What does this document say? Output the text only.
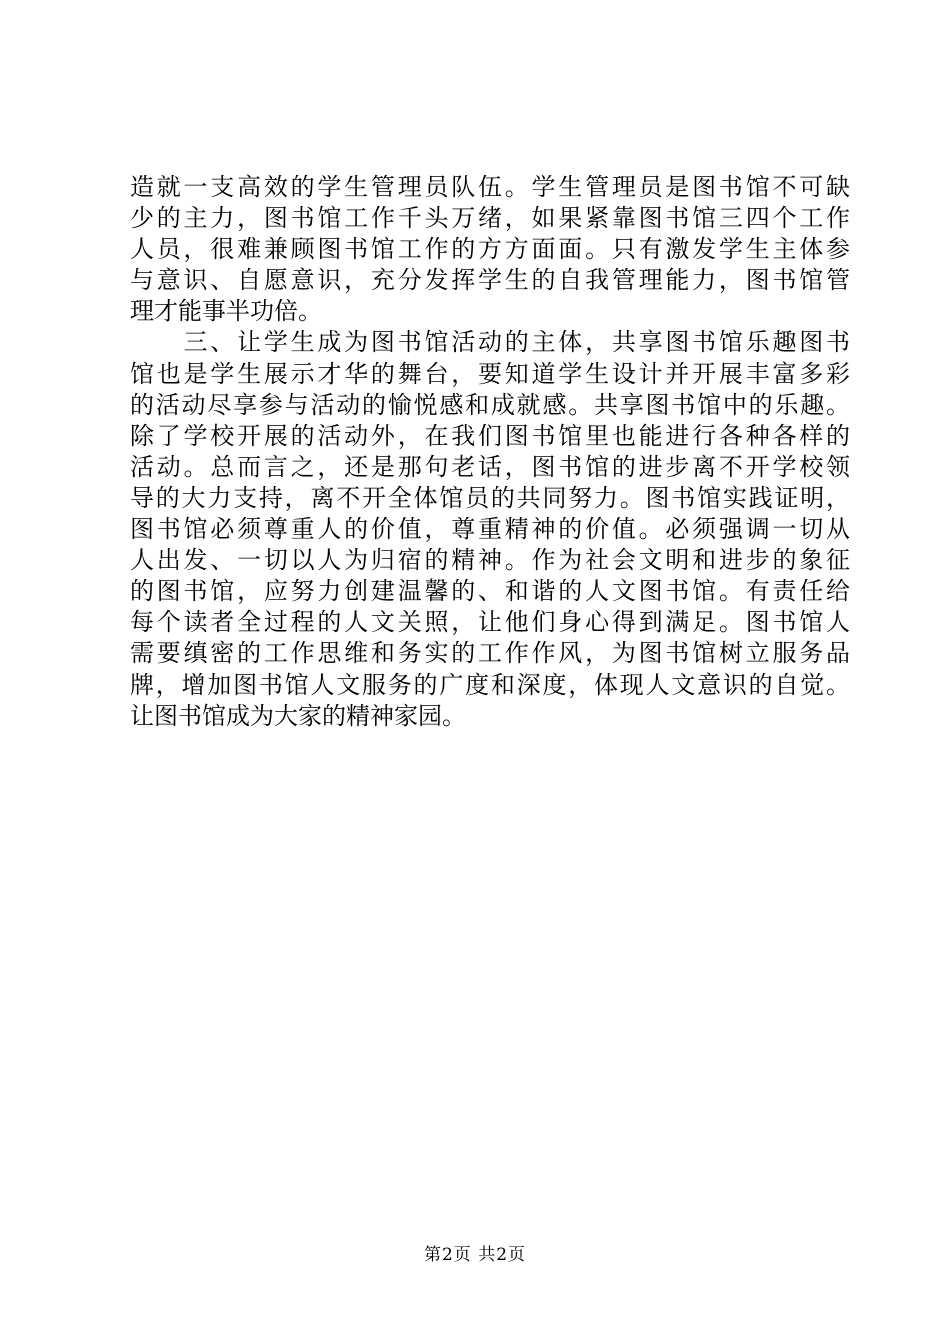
造就一支高效的学生管理员队伍。学生管理员是图书馆不可缺
少的主力，图书馆工作千头万绪，如果紧靠图书馆三四个工作
人员，很难兼顾图书馆工作的方方面面。只有激发学生主体参
与意识、自愿意识，充分发挥学生的自我管理能力，图书馆管
理才能事半功倍。
　　三、让学生成为图书馆活动的主体，共享图书馆乐趣图书
馆也是学生展示才华的舞台，要知道学生设计并开展丰富多彩
的活动尽享参与活动的愉悦感和成就感。共享图书馆中的乐趣。
除了学校开展的活动外，在我们图书馆里也能进行各种各样的
活动。总而言之，还是那句老话，图书馆的进步离不开学校领
导的大力支持，离不开全体馆员的共同努力。图书馆实践证明，
图书馆必须尊重人的价值，尊重精神的价值。必须强调一切从
人出发、一切以人为归宿的精神。作为社会文明和进步的象征
的图书馆，应努力创建温馨的、和谐的人文图书馆。有责任给
每个读者全过程的人文关照，让他们身心得到满足。图书馆人
需要缜密的工作思维和务实的工作作风，为图书馆树立服务品
牌，增加图书馆人文服务的广度和深度，体现人文意识的自觉。
让图书馆成为大家的精神家园。
第2页 共2页
